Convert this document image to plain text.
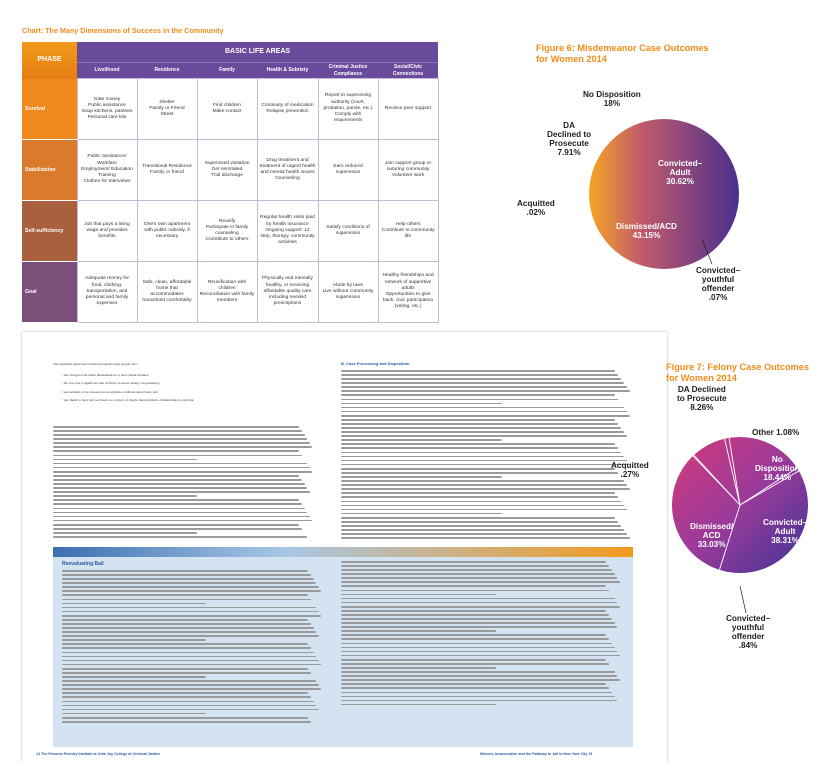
Chart: The Many Dimensions of Success in the Community
PHASE	BASIC LIFE AREAS					
	Livelihood	Residence	Family	Health & Sobriety	Criminal Justice Compliance	Social/Civic Connections
Survival	Gate money
Public assistance
Soup kitchens, pantries
Personal care kits	Shelter
Family or Friend
Street	Find children
Make contact	Continuity of medication
Relapse prevention	Report to supervising authority (court, probation, parole, etc.)
Comply with requirements	Receive peer support
Stabilization	Public assistance/ Workfare
Employment/ Education Training
Clothes for Interviews	Transitional Residence
Family or friend	Supervised visitation
Get reinstated
Trial discharge	Drug treatment and treatment of urgent health and mental health issues
Counseling	Earn reduced supervision	Join support group or nuturing community
Volunteer work
Self-sufficiency	Job that pays a living wage and provides benefits	One's own apartment with public subsidy, if necessary	Reunify
Participate in family counseling
Contribute to others	Regular health visits paid by health insurance
Ongoing support: 12 step, therapy, community activities	Satisfy conditions of supervision	Help others
Contribute to community life
Goal	Adequate money for food, clothing, transportation, and personal and family expenses	Safe, clean, affordable home that accommodates household comfortably	Reunification with children
Reconciliation with family members	Physically and mentally healthy, or receiving affordable quality care including needed prescriptions	Abide by laws
Live without community supervision	Healthy friendships and network of supportive adults
Opportunities to give back, civic participation (voting, etc.)
Figure 6: Misdemeanor Case Outcomes
for Women 2014
No Disposition
18%
DA
Declined to
Prosecute
7.91%
Acquitted
.02%
Convicted–
Adult
30.62%
Dismissed/ACD
43.15%
Convicted–
youthful
offender
.07%
The expanded supervised released program target people who:
• Are charged with either misdemeanors or non-violent felonies;
• Do not pose a significant risk of felony re-arrest during case pendency;
• Are unlikely to be released on recognizance without supervision; and
• Are likely to have bail set based on a review of charge characteristics, criminal history, and risk.
B. Case Processing and Disposition
Reevaluating Bail
14 The Prisoner Reentry Institute at John Jay College of Criminal Justice	Women, Incarceration and the Pathway to Jail in New York City 15
Figure 7: Felony Case Outcomes
for Women 2014
DA Declined
to Prosecute
8.26%
Other 1.08%
Acquitted
.27%
No
Disposition
18.44%
Dismissed/
ACD
33.03%
Convicted–
Adult
38.31%
Convicted–
youthful
offender
.84%
